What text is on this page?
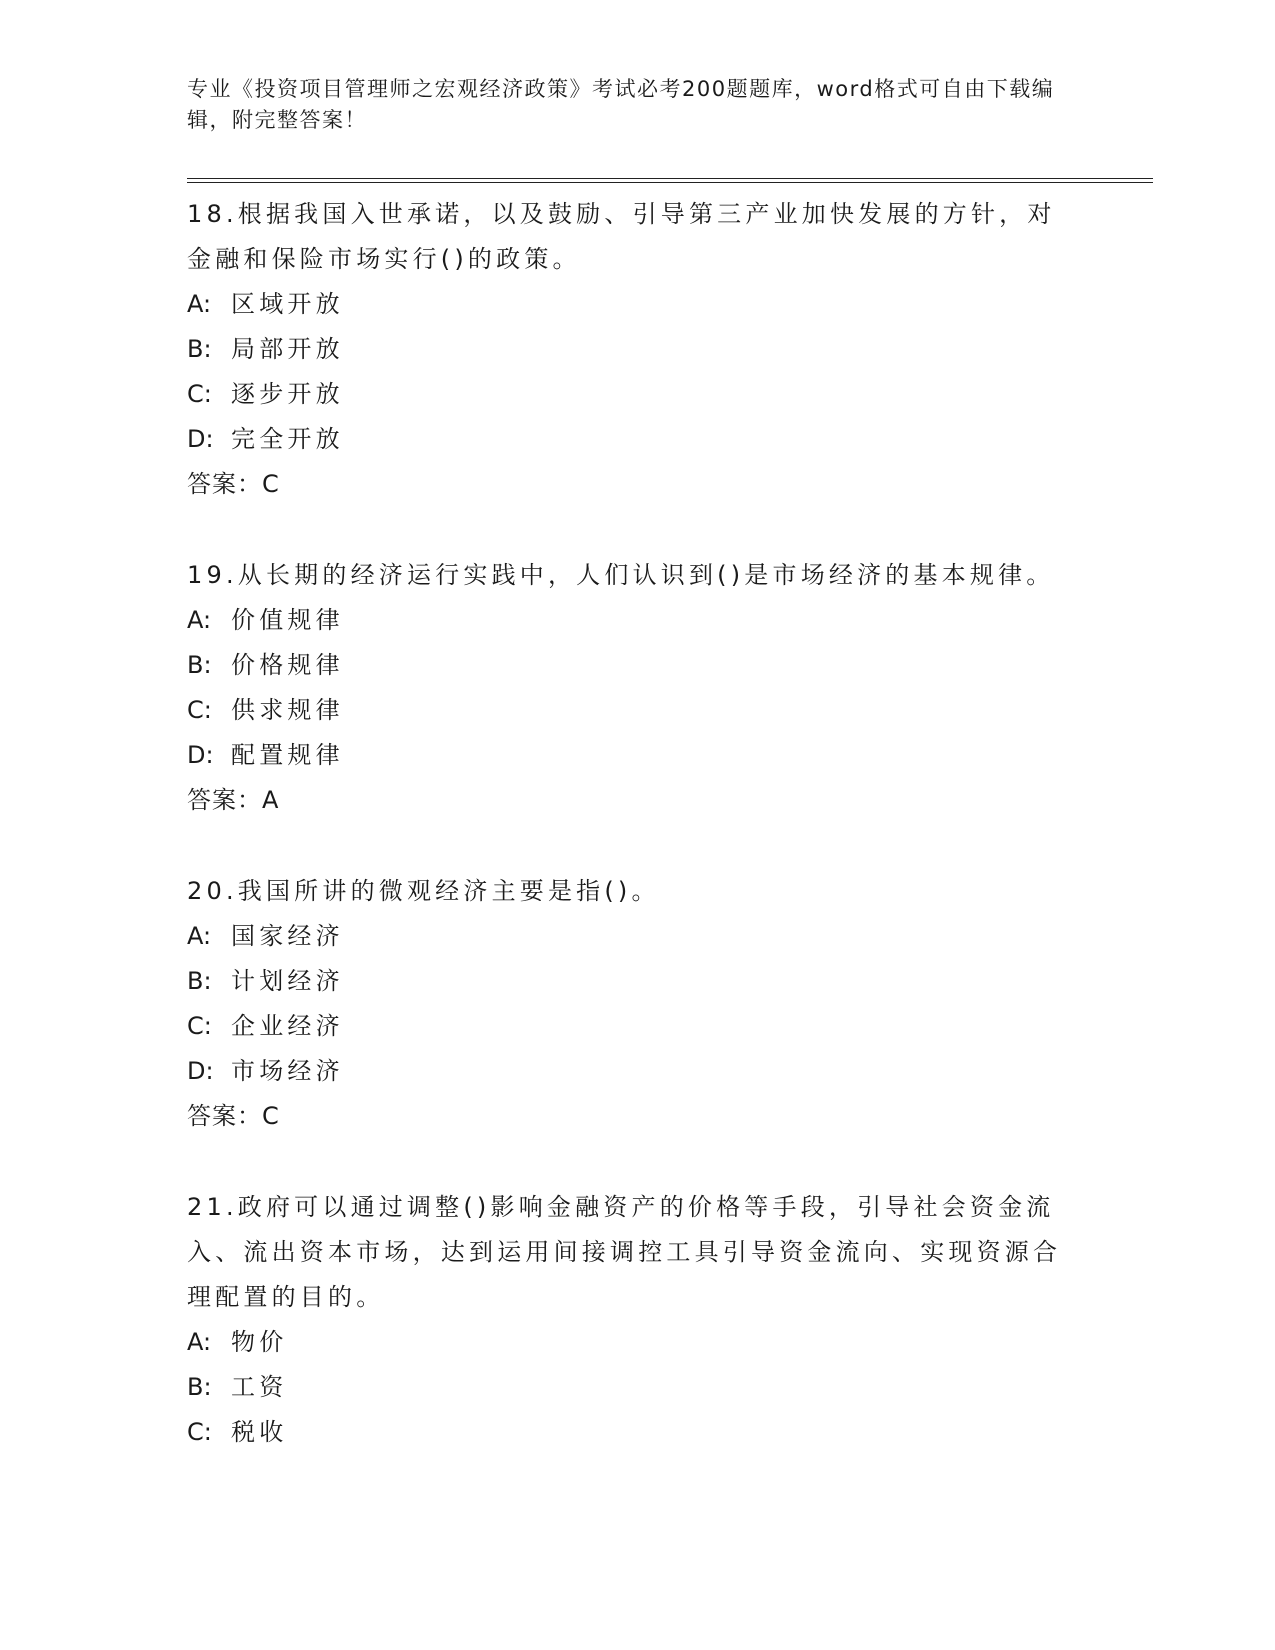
专业《投资项目管理师之宏观经济政策》考试必考200题题库，word格式可自由下载编辑，附完整答案！

18.根据我国入世承诺，以及鼓励、引导第三产业加快发展的方针，对金融和保险市场实行()的政策。

A: 区域开放

B: 局部开放

C: 逐步开放

D: 完全开放

答案：C

19.从长期的经济运行实践中，人们认识到()是市场经济的基本规律。

A: 价值规律

B: 价格规律

C: 供求规律

D: 配置规律

答案：A

20.我国所讲的微观经济主要是指()。

A: 国家经济

B: 计划经济

C: 企业经济

D: 市场经济

答案：C

21.政府可以通过调整()影响金融资产的价格等手段，引导社会资金流入、流出资本市场，达到运用间接调控工具引导资金流向、实现资源合理配置的目的。

A: 物价

B: 工资

C: 税收
